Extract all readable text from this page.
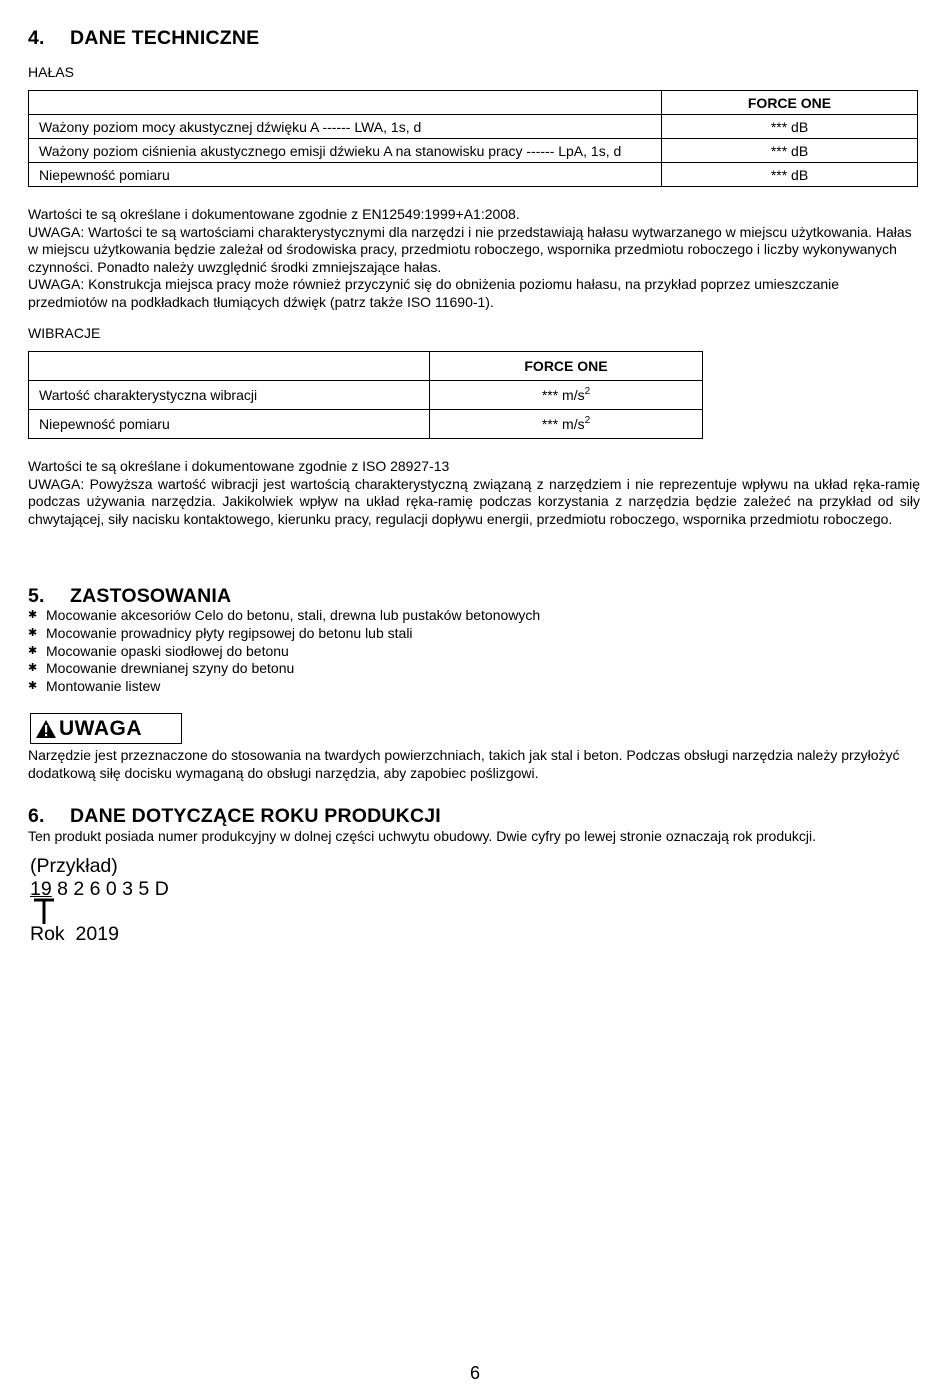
4. DANE TECHNICZNE
HAŁAS
	FORCE ONE
Ważony poziom mocy akustycznej dźwięku A ------ LWA, 1s, d	*** dB
Ważony poziom ciśnienia akustycznego emisji dźwieku A na stanowisku pracy ------ LpA, 1s, d	*** dB
Niepewność pomiaru	*** dB
Wartości te są określane i dokumentowane zgodnie z EN12549:1999+A1:2008.
UWAGA: Wartości te są wartościami charakterystycznymi dla narzędzi i nie przedstawiają hałasu wytwarzanego w miejscu użytkowania. Hałas w miejscu użytkowania będzie zależał od środowiska pracy, przedmiotu roboczego, wspornika przedmiotu roboczego i liczby wykonywanych czynności. Ponadto należy uwzględnić środki zmniejszające hałas.
UWAGA: Konstrukcja miejsca pracy może również przyczynić się do obniżenia poziomu hałasu, na przykład poprzez umieszczanie przedmiotów na podkładkach tłumiących dźwięk (patrz także ISO 11690-1).
WIBRACJE
	FORCE ONE
Wartość charakterystyczna wibracji	*** $m/s^2$
Niepewność pomiaru	*** $m/s^2$
Wartości te są określane i dokumentowane zgodnie z ISO 28927-13
UWAGA: Powyższa wartość wibracji jest wartością charakterystyczną związaną z narzędziem i nie reprezentuje wpływu na układ ręka-ramię podczas używania narzędzia. Jakikolwiek wpływ na układ ręka-ramię podczas korzystania z narzędzia będzie zależeć na przykład od siły chwytającej, siły nacisku kontaktowego, kierunku pracy, regulacji dopływu energii, przedmiotu roboczego, wspornika przedmiotu roboczego.
5. ZASTOSOWANIA
✱ Mocowanie akcesoriów Celo do betonu, stali, drewna lub pustaków betonowych
✱ Mocowanie prowadnicy płyty regipsowej do betonu lub stali
✱ Mocowanie opaski siodłowej do betonu
✱ Mocowanie drewnianej szyny do betonu
✱ Montowanie listew
UWAGA
Narzędzie jest przeznaczone do stosowania na twardych powierzchniach, takich jak stal i beton. Podczas obsługi narzędzia należy przyłożyć dodatkową siłę docisku wymaganą do obsługi narzędzia, aby zapobiec poślizgowi.
6. DANE DOTYCZĄCE ROKU PRODUKCJI
Ten produkt posiada numer produkcyjny w dolnej części uchwytu obudowy. Dwie cyfry po lewej stronie oznaczają rok produkcji.
(Przykład)
19 8 2 6 0 3 5 D
Rok 2019
6
